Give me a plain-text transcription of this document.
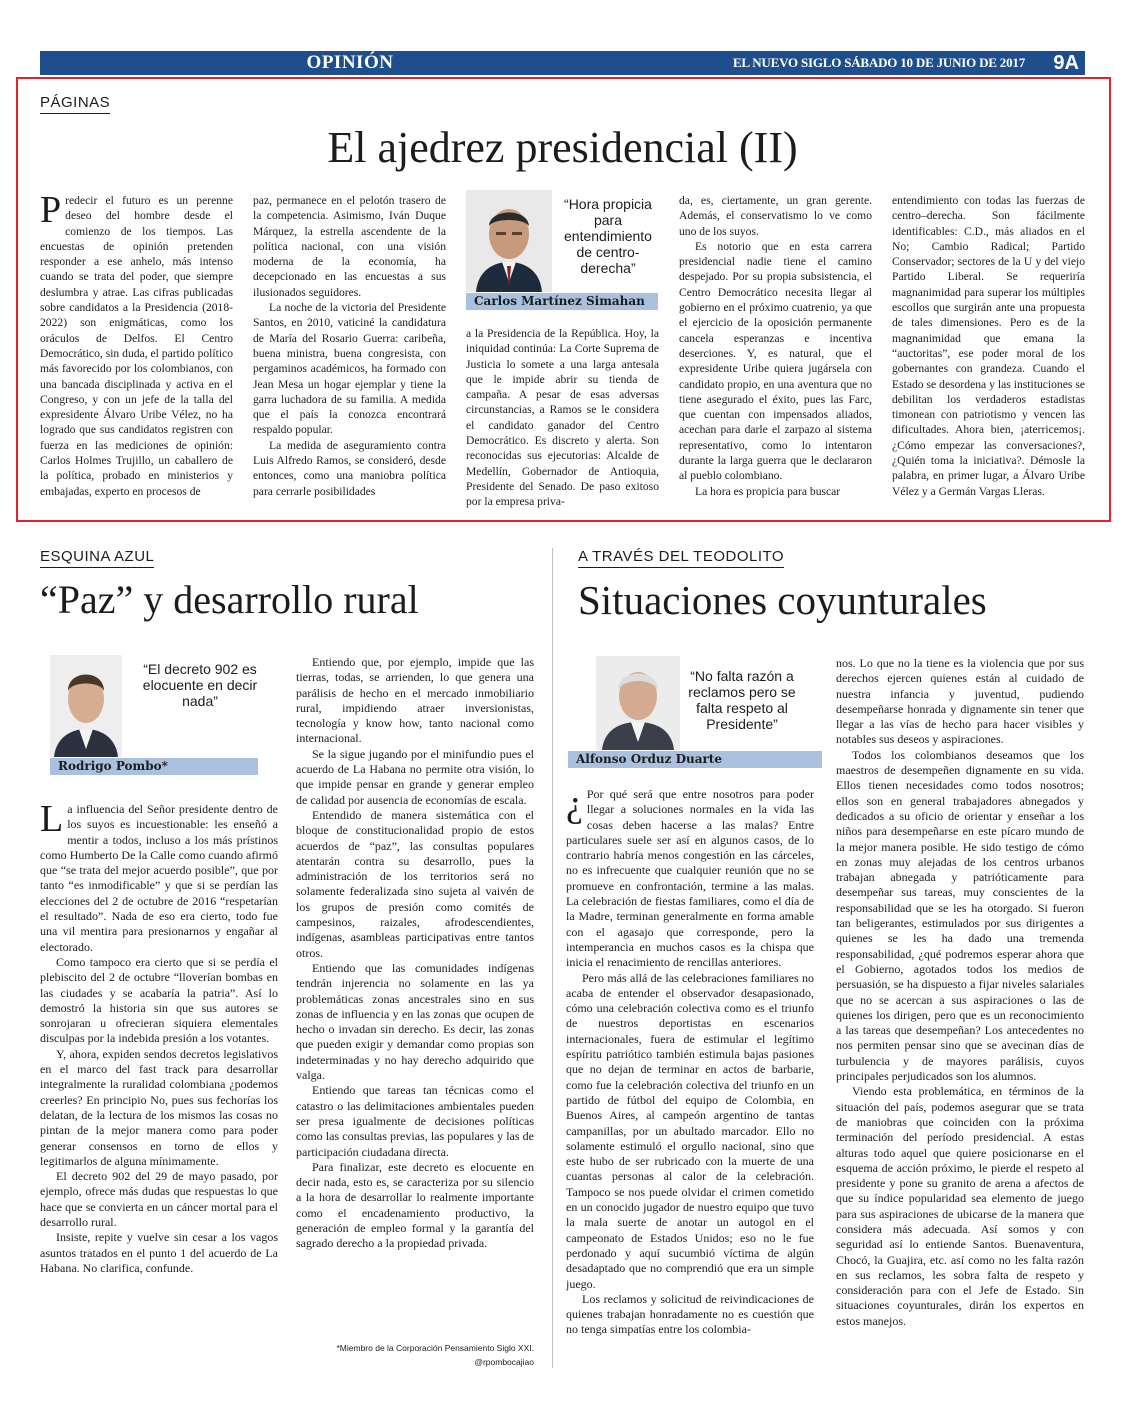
OPINIÓN	EL NUEVO SIGLO SÁBADO 10 DE JUNIO DE 2017 9A
PÁGINAS
El ajedrez presidencial (II)

Predecir el futuro es un perenne deseo del hombre desde el comienzo de los tiempos. Las encuestas de opinión pretenden responder a ese anhelo, más intenso cuando se trata del poder, que siempre deslumbra y atrae. Las cifras publicadas sobre candidatos a la Presidencia (2018-2022) son enigmáticas, como los oráculos de Delfos. El Centro Democrático, sin duda, el partido político más favorecido por los colombianos, con una bancada disciplinada y activa en el Congreso, y con un jefe de la talla del expresidente Álvaro Uribe Vélez, no ha logrado que sus candidatos registren con fuerza en las mediciones de opinión: Carlos Holmes Trujillo, un caballero de la política, probado en ministerios y embajadas, experto en procesos de

paz, permanece en el pelotón trasero de la competencia. Asimismo, Iván Duque Márquez, la estrella ascendente de la política nacional, con una visión moderna de la economía, ha decepcionado en las encuestas a sus ilusionados seguidores.

La noche de la victoria del Presidente Santos, en 2010, vaticiné la candidatura de María del Rosario Guerra: caribeña, buena ministra, buena congresista, con pergaminos académicos, ha formado con Jean Mesa un hogar ejemplar y tiene la garra luchadora de su familia. A medida que el país la conozca encontrará respaldo popular.

La medida de aseguramiento contra Luis Alfredo Ramos, se consideró, desde entonces, como una maniobra política para cerrarle posibilidades

“Hora propicia para entendimiento de centro-derecha”
Carlos Martínez Simahan

a la Presidencia de la República. Hoy, la iniquidad continúa: La Corte Suprema de Justicia lo somete a una larga antesala que le impide abrir su tienda de campaña. A pesar de esas adversas circunstancias, a Ramos se le considera el candidato ganador del Centro Democrático. Es discreto y alerta. Son reconocidas sus ejecutorias: Alcalde de Medellín, Gobernador de Antioquia, Presidente del Senado. De paso exitoso por la empresa priva-

da, es, ciertamente, un gran gerente. Además, el conservatismo lo ve como uno de los suyos.

Es notorio que en esta carrera presidencial nadie tiene el camino despejado. Por su propia subsistencia, el Centro Democrático necesita llegar al gobierno en el próximo cuatrenio, ya que el ejercicio de la oposición permanente cancela esperanzas e incentiva deserciones. Y, es natural, que el expresidente Uribe quiera jugársela con candidato propio, en una aventura que no tiene asegurado el éxito, pues las Farc, que cuentan con impensados aliados, acechan para darle el zarpazo al sistema representativo, como lo intentaron durante la larga guerra que le declararon al pueblo colombiano.

La hora es propicia para buscar

entendimiento con todas las fuerzas de centro–derecha. Son fácilmente identificables: C.D., más aliados en el No; Cambio Radical; Partido Conservador; sectores de la U y del viejo Partido Liberal. Se requeriría magnanimidad para superar los múltiples escollos que surgirán ante una propuesta de tales dimensiones. Pero es de la magnanimidad que emana la “auctoritas”, ese poder moral de los gobernantes con grandeza. Cuando el Estado se desordena y las instituciones se debilitan los verdaderos estadistas timonean con patriotismo y vencen las dificultades. Ahora bien, ¡aterricemos¡.¿Cómo empezar las conversaciones?, ¿Quién toma la iniciativa?. Démosle la palabra, en primer lugar, a Álvaro Uribe Vélez y a Germán Vargas Lleras.

ESQUINA AZUL
“Paz” y desarrollo rural
“El decreto 902 es elocuente en decir nada”
Rodrigo Pombo*

La influencia del Señor presidente dentro de los suyos es incuestionable: les enseñó a mentir a todos, incluso a los más prístinos como Humberto De la Calle como cuando afirmó que “se trata del mejor acuerdo posible”, que por tanto “es inmodificable” y que si se perdían las elecciones del 2 de octubre de 2016 “respetarían el resultado”. Nada de eso era cierto, todo fue una vil mentira para presionarnos y engañar al electorado.

Como tampoco era cierto que si se perdía el plebiscito del 2 de octubre “lloverían bombas en las ciudades y se acabaría la patria”. Así lo demostró la historia sin que sus autores se sonrojaran u ofrecieran siquiera elementales disculpas por la indebida presión a los votantes.

Y, ahora, expiden sendos decretos legislativos en el marco del fast track para desarrollar integralmente la ruralidad colombiana ¿podemos creerles? En principio No, pues sus fechorías los delatan, de la lectura de los mismos las cosas no pintan de la mejor manera como para poder generar consensos en torno de ellos y legitimarlos de alguna mínimamente.

El decreto 902 del 29 de mayo pasado, por ejemplo, ofrece más dudas que respuestas lo que hace que se convierta en un cáncer mortal para el desarrollo rural.

Insiste, repite y vuelve sin cesar a los vagos asuntos tratados en el punto 1 del acuerdo de La Habana. No clarifica, confunde.

Entiendo que, por ejemplo, impide que las tierras, todas, se arrienden, lo que genera una parálisis de hecho en el mercado inmobiliario rural, impidiendo atraer inversionistas, tecnología y know how, tanto nacional como internacional.

Se la sigue jugando por el minifundio pues el acuerdo de La Habana no permite otra visión, lo que impide pensar en grande y generar empleo de calidad por ausencia de economías de escala.

Entendido de manera sistemática con el bloque de constitucionalidad propio de estos acuerdos de “paz”, las consultas populares atentarán contra su desarrollo, pues la administración de los territorios será no solamente federalizada sino sujeta al vaivén de los grupos de presión como comités de campesinos, raizales, afrodescendientes, indígenas, asambleas participativas entre tantos otros.

Entiendo que las comunidades indígenas tendrán injerencia no solamente en las ya problemáticas zonas ancestrales sino en sus zonas de influencia y en las zonas que ocupen de hecho o invadan sin derecho. Es decir, las zonas que pueden exigir y demandar como propias son indeterminadas y no hay derecho adquirido que valga.

Entiendo que tareas tan técnicas como el catastro o las delimitaciones ambientales pueden ser presa igualmente de decisiones políticas como las consultas previas, las populares y las de participación ciudadana directa.

Para finalizar, este decreto es elocuente en decir nada, esto es, se caracteriza por su silencio a la hora de desarrollar lo realmente importante como el encadenamiento productivo, la generación de empleo formal y la garantía del sagrado derecho a la propiedad privada.

*Miembro de la Corporación Pensamiento Siglo XXI.
@rpombocajiao
A TRAVÉS DEL TEODOLITO
Situaciones coyunturales
“No falta razón a reclamos pero se falta respeto al Presidente”
Alfonso Orduz Duarte

¿ Por qué será que entre nosotros para poder llegar a soluciones normales en la vida las cosas deben hacerse a las malas? Entre particulares suele ser así en algunos casos, de lo contrario habría menos congestión en las cárceles, no es infrecuente que cualquier reunión que no se promueve en confrontación, termine a las malas. La celebración de fiestas familiares, como el día de la Madre, terminan generalmente en forma amable con el agasajo que corresponde, pero la intemperancia en muchos casos es la chispa que inicia el renacimiento de rencillas anteriores.

Pero más allá de las celebraciones familiares no acaba de entender el observador desapasionado, cómo una celebración colectiva como es el triunfo de nuestros deportistas en escenarios internacionales, fuera de estimular el legítimo espíritu patriótico también estimula bajas pasiones que no dejan de terminar en actos de barbarie, como fue la celebración colectiva del triunfo en un partido de fútbol del equipo de Colombia, en Buenos Aires, al campeón argentino de tantas campanillas, por un abultado marcador. Ello no solamente estimuló el orgullo nacional, sino que este hubo de ser rubricado con la muerte de una cuantas personas al calor de la celebración. Tampoco se nos puede olvidar el crimen cometido en un conocido jugador de nuestro equipo que tuvo la mala suerte de anotar un autogol en el campeonato de Estados Unidos; eso no le fue perdonado y aquí sucumbió víctima de algún desadaptado que no comprendió que era un simple juego.

Los reclamos y solicitud de reivindicaciones de quienes trabajan honradamente no es cuestión que no tenga simpatías entre los colombia-

nos. Lo que no la tiene es la violencia que por sus derechos ejercen quienes están al cuidado de nuestra infancia y juventud, pudiendo desempeñarse honrada y dignamente sin tener que llegar a las vías de hecho para hacer visibles y notables sus deseos y aspiraciones.

Todos los colombianos deseamos que los maestros de desempeñen dignamente en su vida. Ellos tienen necesidades como todos nosotros; ellos son en general trabajadores abnegados y dedicados a su oficio de orientar y enseñar a los niños para desempeñarse en este pícaro mundo de la mejor manera posible. He sido testigo de cómo en zonas muy alejadas de los centros urbanos trabajan abnegada y patrióticamente para desempeñar sus tareas, muy conscientes de la responsabilidad que se les ha otorgado. Si fueron tan beligerantes, estimulados por sus dirigentes a quienes se les ha dado una tremenda responsabilidad, ¿qué podremos esperar ahora que el Gobierno, agotados todos los medios de persuasión, se ha dispuesto a fijar niveles salariales que no se acercan a sus aspiraciones o las de quienes los dirigen, pero que es un reconocimiento a las tareas que desempeñan? Los antecedentes no nos permiten pensar sino que se avecinan días de turbulencia y de mayores parálisis, cuyos principales perjudicados son los alumnos.

Viendo esta problemática, en términos de la situación del país, podemos asegurar que se trata de maniobras que coinciden con la próxima terminación del período presidencial. A estas alturas todo aquel que quiere posicionarse en el esquema de acción próximo, le pierde el respeto al presidente y pone su granito de arena a afectos de que su índice popularidad sea elemento de juego para sus aspiraciones de ubicarse de la manera que considera más adecuada. Así somos y con seguridad así lo entiende Santos. Buenaventura, Chocó, la Guajira, etc. así como no les falta razón en sus reclamos, les sobra falta de respeto y consideración para con el Jefe de Estado. Sin situaciones coyunturales, dirán los expertos en estos manejos.
